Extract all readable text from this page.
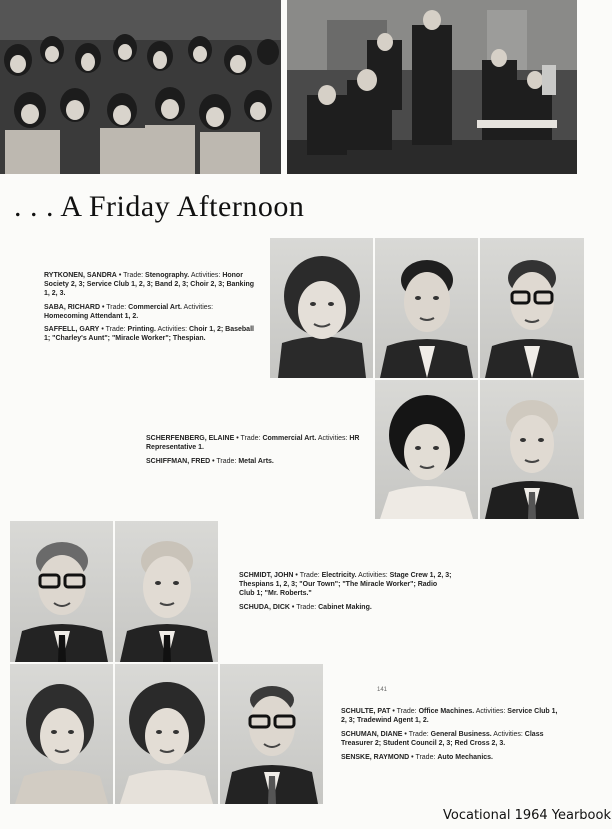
. . . A Friday Afternoon
RYTKONEN, SANDRA • Trade: Stenography. Activities: Honor Society 2, 3; Service Club 1, 2, 3; Band 2, 3; Choir 2, 3; Banking 1, 2, 3.
SABA, RICHARD • Trade: Commercial Art. Activities: Homecoming Attendant 1, 2.
SAFFELL, GARY • Trade: Printing. Activities: Choir 1, 2; Baseball 1; "Charley's Aunt"; "Miracle Worker"; Thespian.
SCHERFENBERG, ELAINE • Trade: Commercial Art. Activities: HR Representative 1.
SCHIFFMAN, FRED • Trade: Metal Arts.
SCHMIDT, JOHN • Trade: Electricity. Activities: Stage Crew 1, 2, 3; Thespians 1, 2, 3; "Our Town"; "The Miracle Worker"; Radio Club 1; "Mr. Roberts."
SCHUDA, DICK • Trade: Cabinet Making.
141
SCHULTE, PAT • Trade: Office Machines. Activities: Service Club 1, 2, 3; Tradewind Agent 1, 2.
SCHUMAN, DIANE • Trade: General Business. Activities: Class Treasurer 2; Student Council 2, 3; Red Cross 2, 3.
SENSKE, RAYMOND • Trade: Auto Mechanics.
Vocational 1964 Yearbook
